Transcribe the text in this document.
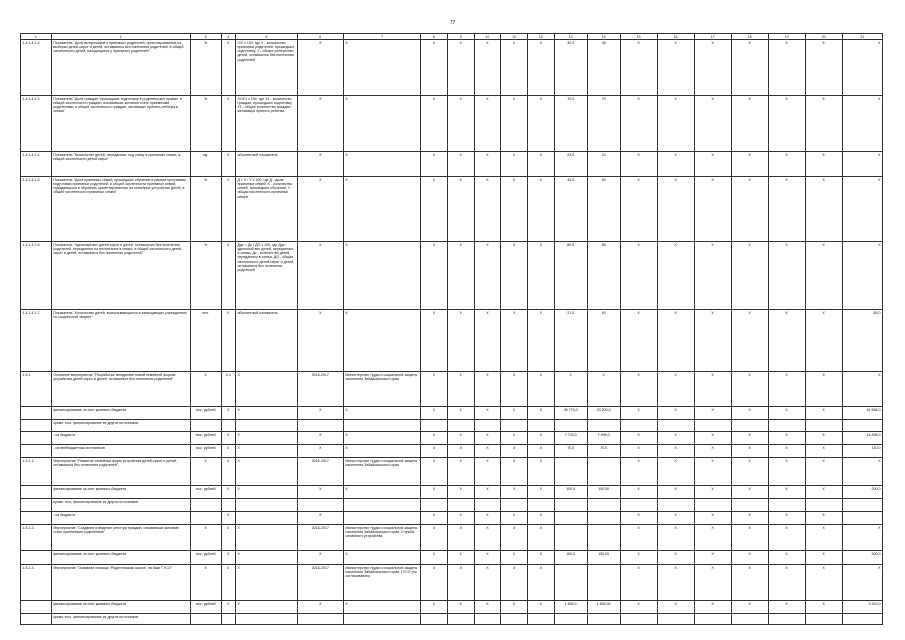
77
1	2	3	4	5	6	7	8	9	10	11	12	13	14	15	16	17	18	19	20	21
1.4.1.4.1.2	Показатель "Доля выпускников с приемных родителей, ориентированных из выборки детей-сирот и детей, оставшихся без попечения родителей, в общей численности детей, находящихся у приемных родителей"	%	Х	Х/У х 100, где Х - количество приемных родителей, прошедших подготовку, У - общее количество детей, оставшихся без попечения родителей	Х	Х	Х	Х	Х	Х	Х	30,0	45	Х	Х	Х	Х	Х	Х	Х
1.4.1.4.1.3	Показатель "Доля граждан, прошедших подготовку в родительских правах, в общей численности граждан, изъявивших желание стать приемными родителями, в общей численности граждан, желающих принять ребенка в семью"	%	Х	Х1/У1 х 100, где Х1 - количество граждан, прошедших подготовку, У1 - общее количество граждан, желающих принять ребенка	Х	Х	Х	Х	Х	Х	Х	70,0	75	Х	Х	Х	Х	Х	Х	Х
1.4.1.4.1.4	Показатель "Количество детей, переданных под опеку в приемные семьи, в общей численности детей-сирот"	ед.	Х	абсолютный показатель	Х	Х	Х	Х	Х	Х	Х	23,0	24	Х	Х	Х	Х	Х	Х	Х
1.4.1.4.1.5	Показатель "Доля приемных семей, прошедших обучение в рамках программы подготовки приемных родителей, в общей численности приемных семей, нуждающихся в обучении, ориентированных на семейное устройство детей, в общей численности приемных семей"	%	Х	Д = Х / У х 100, где Д - доля приемных семей, Х - количество семей, прошедших обучение, У - общая численность приемных семей	Х	Х	Х	Х	Х	Х	Х	43,0	50	Х	Х	Х	Х	Х	Х	Х
1.4.1.4.1.6	Показатель "Удельный вес детей-сирот и детей, оставшихся без попечения родителей, переданных на воспитание в семьи, в общей численности детей-сирот и детей, оставшихся без попечения родителей"	%	Х	Ддс = Дс / ДО х 100, где Ддс - удельный вес детей, переданных в семьи, Дс - количество детей, переданных в семьи, ДО - общая численность детей-сирот и детей, оставшихся без попечения родителей	Х	Х	Х	Х	Х	Х	Х	80,0	85	Х	Х	Х	Х	Х	Х	Х
1.4.1.4.1.7	Показатель "Количество детей, воспитывающихся в замещающих учреждениях по социальной защите"	чел.	Х	абсолютный показатель	Х	Х	Х	Х	Х	Х	Х	21,0	40	Х	Х	Х	Х	Х	Х	85,0
1.5.1	Основное мероприятие "Разработка, внедрение новой семейной формы устройства детей-сирот и детей, оставшихся без попечения родителей"	Х	0,4	Х	2016-2017	Министерство труда и социальной защиты населения Забайкальского края	Х	Х	Х	Х	Х	Х	Х	Х	Х	Х	Х	Х	Х	Х
	финансирование за счет краевого бюджета	тыс. рублей	Х	Х	Х	Х	Х	Х	Х	Х	Х	26 770,0	23 200,0	Х	Х	Х	Х	Х	Х	44 568,0
	кроме того, финансирование из других источников																			
	- из бюджета	тыс. рублей	Х	Х	Х	Х	Х	Х	Х	Х	Х	7 733,0	7 495,0	Х	Х	Х	Х	Х	Х	14 496,0
	- из внебюджетных источников	тыс. рублей	Х	Х	Х	Х	Х	Х	Х	Х	Х	70,0	70,0	Х	Х	Х	Х	Х	Х	140,0
1.5.1.1.	Мероприятие "Развитие семейных форм устройства детей-сирот и детей, оставшихся без попечения родителей"	Х	Х	Х	2016-2017	Министерство труда и социальной защиты населения Забайкальского края	Х	Х	Х	Х	Х			Х	Х	Х	Х	Х	Х	Х
	финансирование за счет краевого бюджета	тыс. рублей	Х	Х	Х	Х	Х	Х	Х	Х	Х	100,0	100,00	Х	Х	Х	Х	Х	Х	200,0
	кроме того, финансирование из других источников																			
	- из бюджета		Х		Х		Х	Х	Х	Х	Х			Х	Х	Х	Х	Х	Х	
1.5.1.2.	Мероприятие "Создание и ведение реестра граждан, изъявивших желание стать приемными родителями"	Х	Х	Х	2016-2017	Министерство труда и социальной защиты населения Забайкальского края, Служба семейного устройства	Х	Х	Х	Х	Х			Х	Х	Х	Х	Х	Х	Х
	финансирование за счет краевого бюджета	тыс. рублей	Х	Х	Х	Х	Х	Х	Х	Х	Х	150,0	150,00	Х	Х	Х	Х	Х	Х	300,0
1.5.1.3.	Мероприятие "Оказание помощи "Родительская школа" на базе ГУСО"	Х	Х	Х	2016-2017	Министерство труда и социальной защиты населения Забайкальского края, ГУСО (по согласованию)	Х	Х	Х	Х	Х			Х	Х	Х	Х	Х	Х	Х
	финансирование за счет краевого бюджета	тыс. рублей	Х	Х	Х	Х	Х	Х	Х	Х	Х	1 655,0	1 655,00	Х	Х	Х	Х	Х	Х	3 310,0
	кроме того, финансирование из других источников																			
